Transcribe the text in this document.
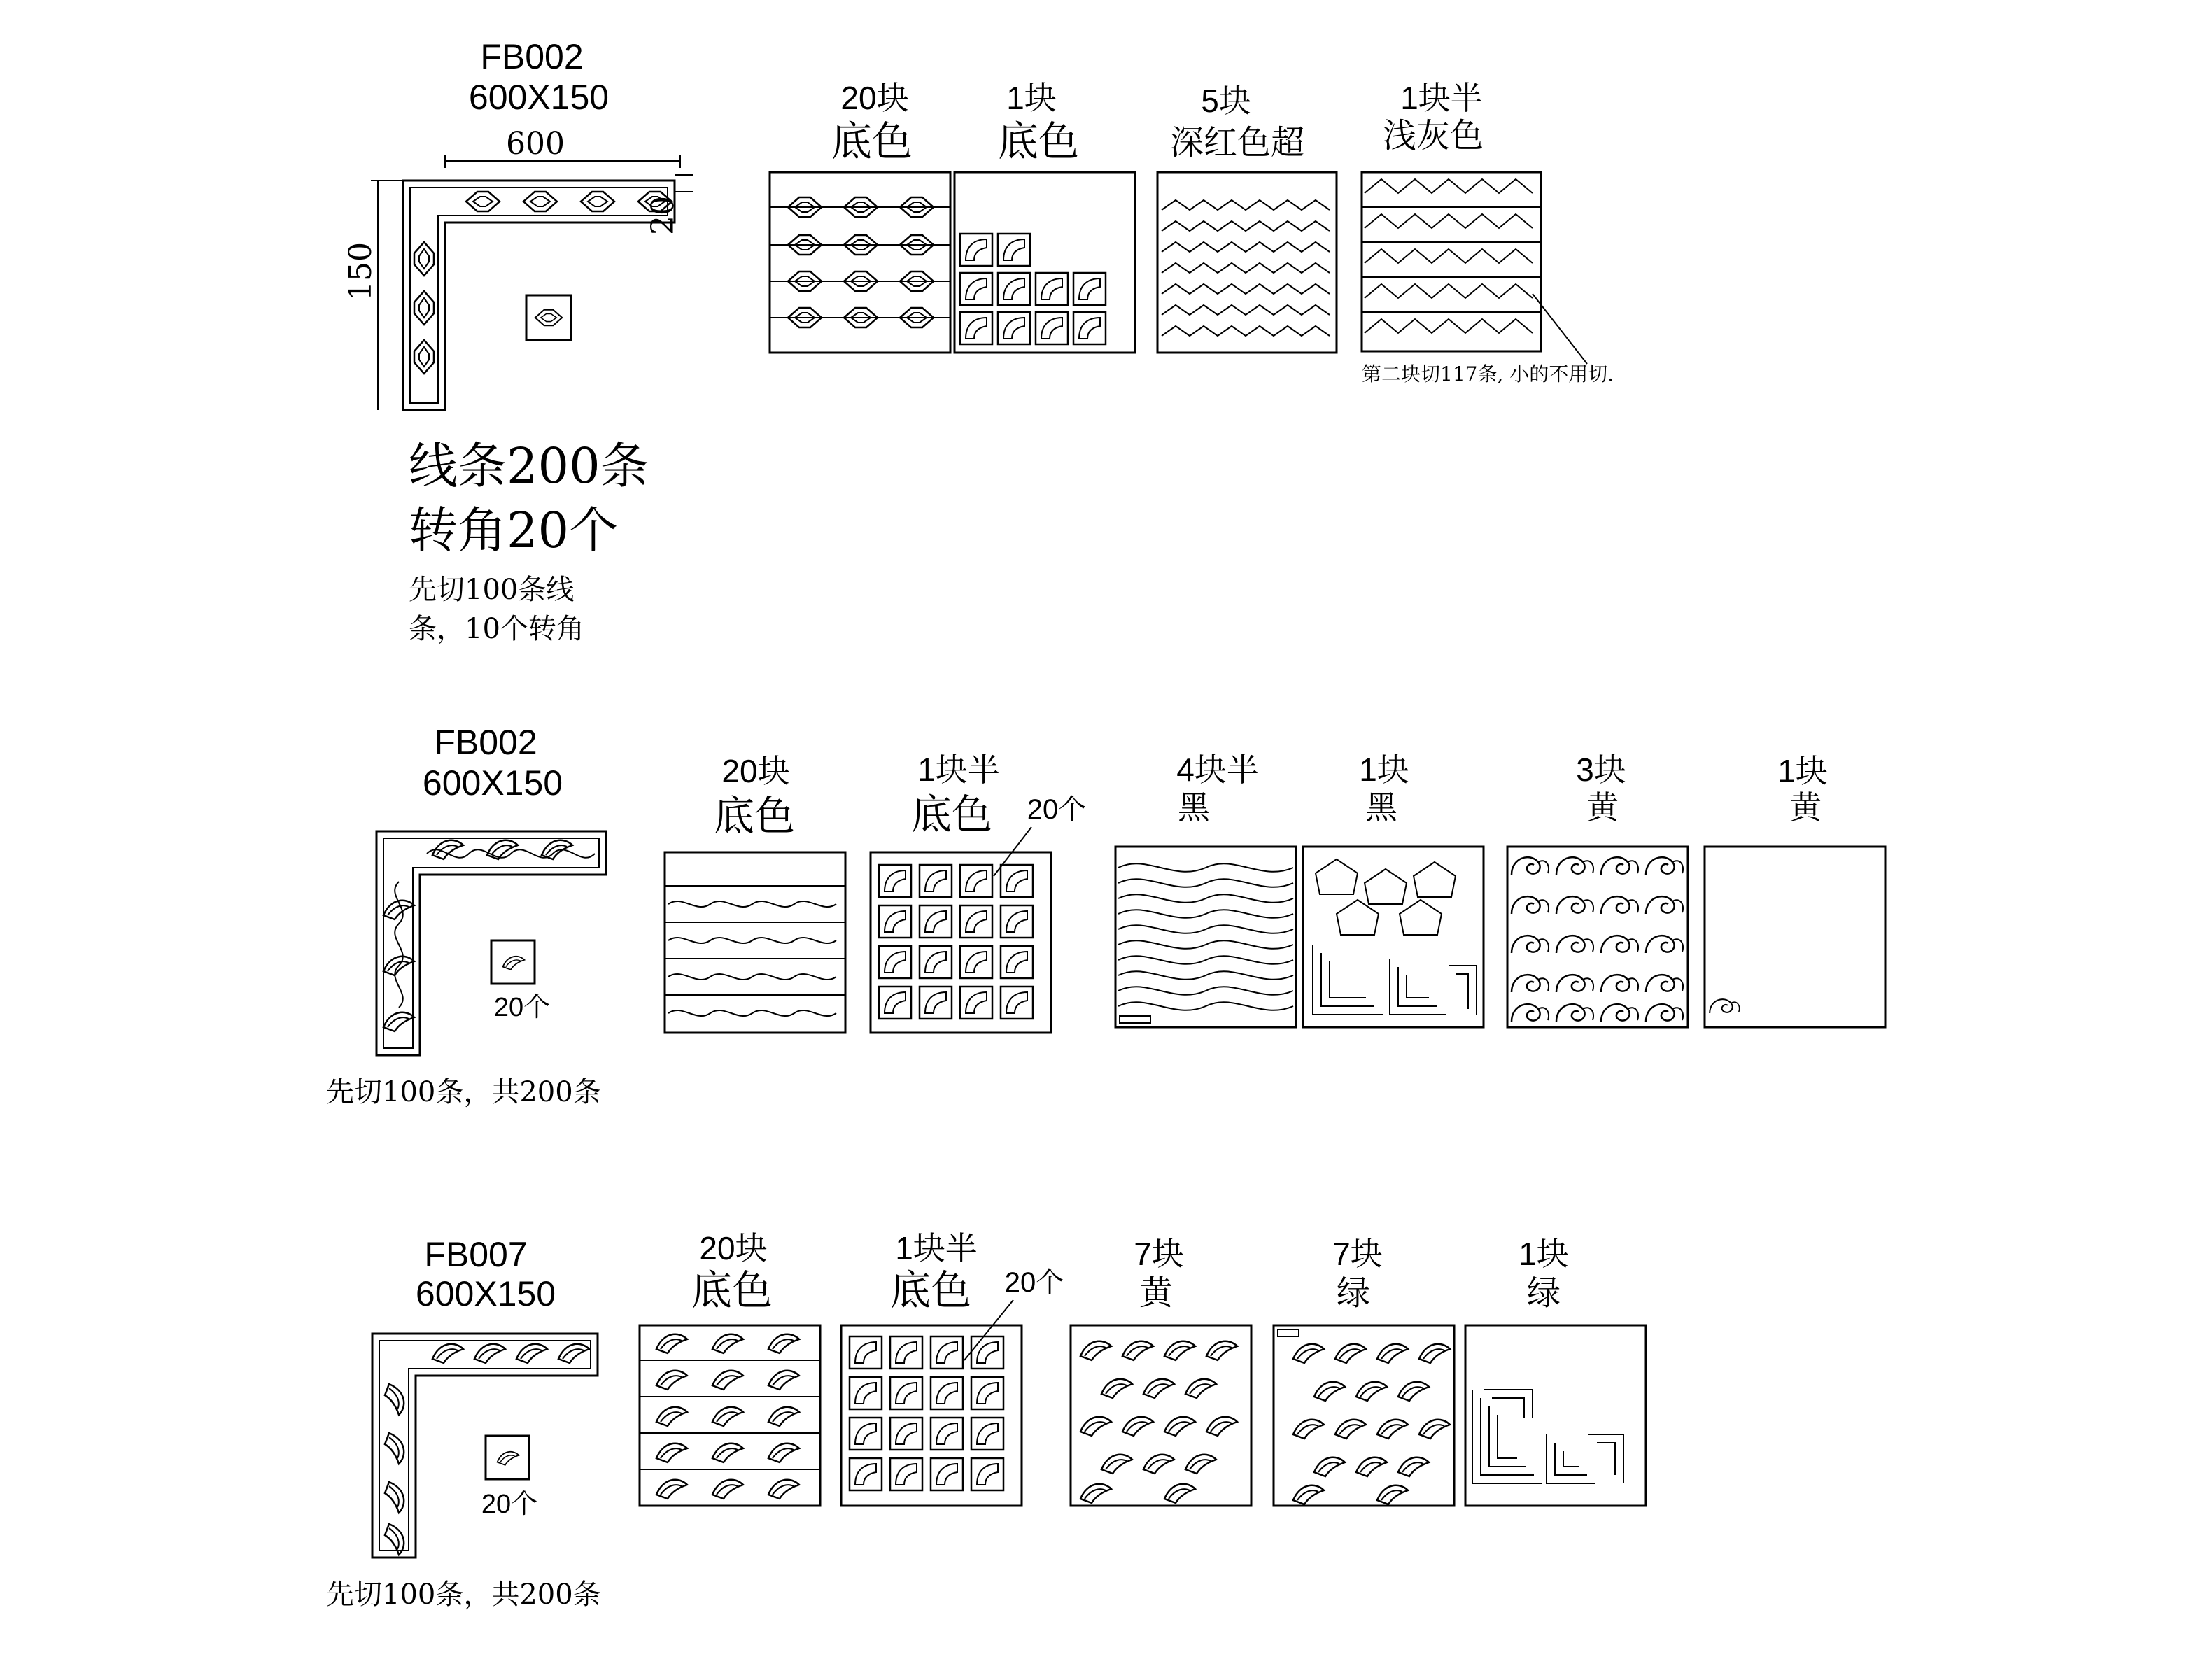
FB002
600X150
600
150
20
线条200条
转角20个
先切100条线
条，10个转角
20块
底色
1块
底色
5块
深红色超
1块半
浅灰色
第二块切117条, 小的不用切.
FB002
600X150
20个
先切100条，共200条
20块
底色
1块半
底色 20个
4块半
黑
1块
黑
3块
黄
1块
黄
FB007
600X150
20个
先切100条，共200条
20块
底色
1块半
底色 20个
7块
黄
7块
绿
1块
绿
